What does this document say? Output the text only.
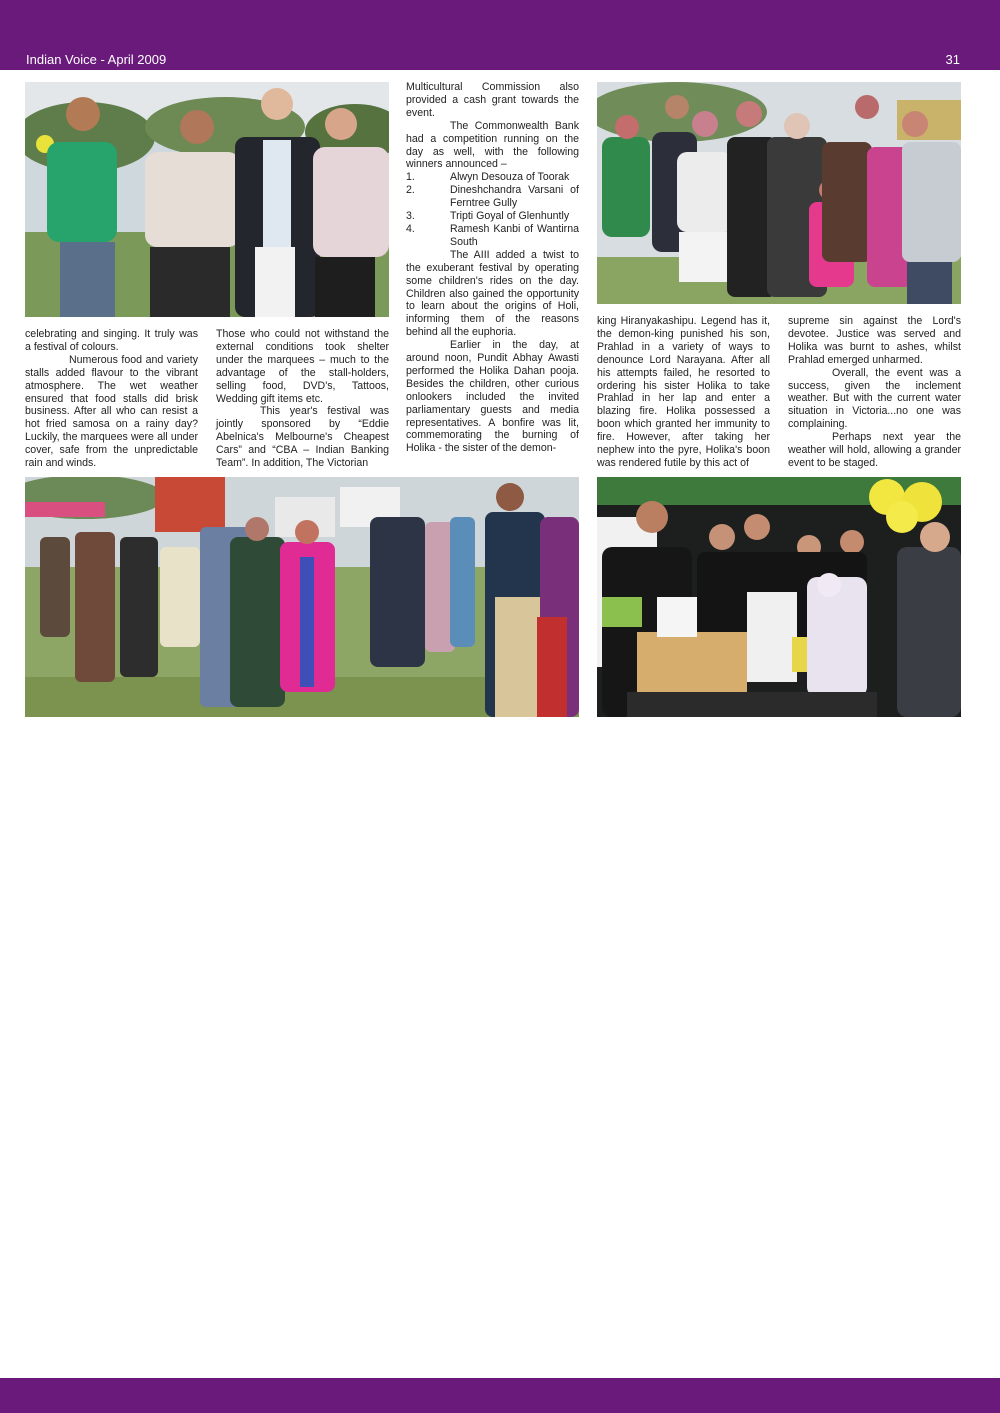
Indian Voice - April 2009	31

celebrating and singing. It truly was a festival of colours.

Numerous food and variety stalls added flavour to the vibrant atmosphere. The wet weather ensured that food stalls did brisk business. After all who can resist a hot fried samosa on a rainy day? Luckily, the marquees were all under cover, safe from the unpredictable rain and winds.

Those who could not withstand the external conditions took shelter under the marquees – much to the advantage of the stall-holders, selling food, DVD's, Tattoos, Wedding gift items etc.

This year's festival was jointly sponsored by “Eddie Abelnica's Melbourne's Cheapest Cars” and “CBA – Indian Banking Team”. In addition, The Victorian

Multicultural Commission also provided a cash grant towards the event.

The Commonwealth Bank had a competition running on the day as well, with the following winners announced –

1.	Alwyn Desouza of Toorak
2.	Dineshchandra Varsani of Ferntree Gully
3.	Tripti Goyal of Glenhuntly
4.	Ramesh Kanbi of Wantirna South

The AIII added a twist to the exuberant festival by operating some children's rides on the day. Children also gained the opportunity to learn about the origins of Holi, informing them of the reasons behind all the euphoria.

Earlier in the day, at around noon, Pundit Abhay Awasti performed the Holika Dahan pooja. Besides the children, other curious onlookers included the invited parliamentary guests and media representatives. A bonfire was lit, commemorating the burning of Holika - the sister of the demon-

king Hiranyakashipu. Legend has it, the demon-king punished his son, Prahlad in a variety of ways to denounce Lord Narayana. After all his attempts failed, he resorted to ordering his sister Holika to take Prahlad in her lap and enter a blazing fire. Holika possessed a boon which granted her immunity to fire. However, after taking her nephew into the pyre, Holika's boon was rendered futile by this act of

supreme sin against the Lord's devotee. Justice was served and Holika was burnt to ashes, whilst Prahlad emerged unharmed.

Overall, the event was a success, given the inclement weather. But with the current water situation in Victoria...no one was complaining.

Perhaps next year the weather will hold, allowing a grander event to be staged.
